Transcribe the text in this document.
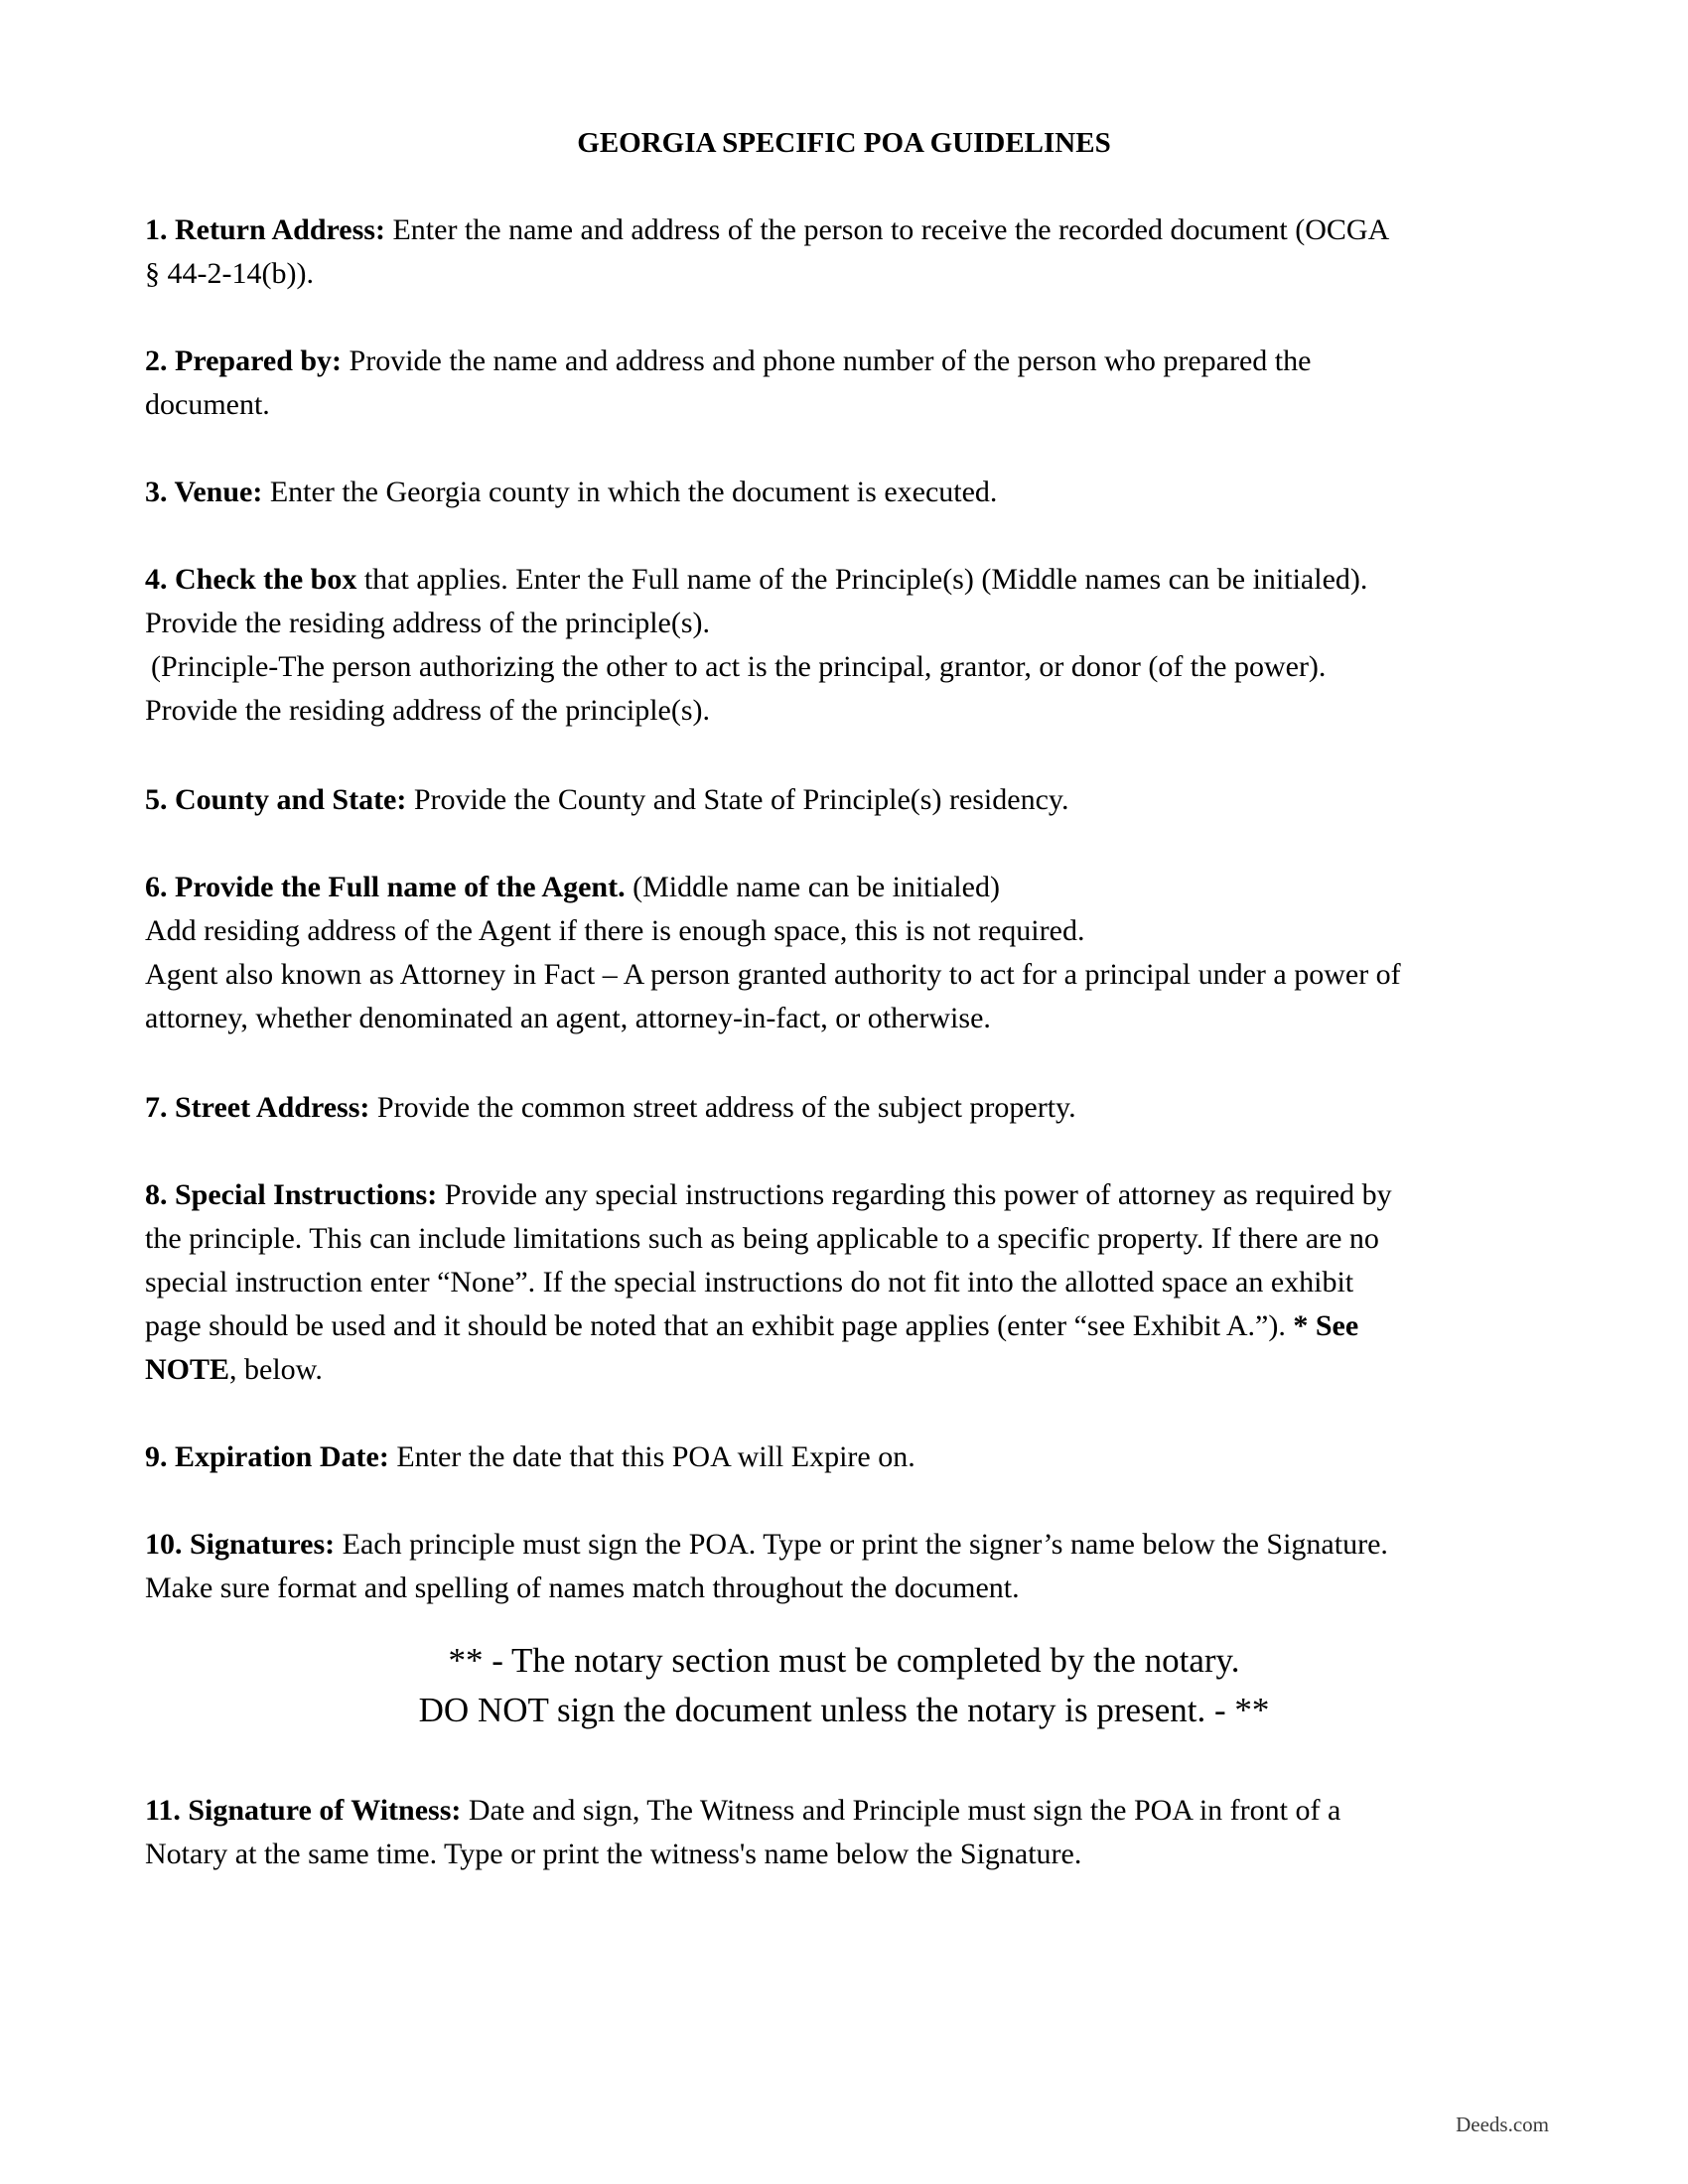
GEORGIA SPECIFIC POA GUIDELINES
1. Return Address: Enter the name and address of the person to receive the recorded document (OCGA
§ 44-2-14(b)).
2. Prepared by: Provide the name and address and phone number of the person who prepared the
document.
3. Venue: Enter the Georgia county in which the document is executed.
4. Check the box that applies. Enter the Full name of the Principle(s) (Middle names can be initialed).
Provide the residing address of the principle(s).
(Principle-The person authorizing the other to act is the principal, grantor, or donor (of the power).
Provide the residing address of the principle(s).
5. County and State: Provide the County and State of Principle(s) residency.
6. Provide the Full name of the Agent. (Middle name can be initialed)
Add residing address of the Agent if there is enough space, this is not required.
Agent also known as Attorney in Fact – A person granted authority to act for a principal under a power of
attorney, whether denominated an agent, attorney-in-fact, or otherwise.
7. Street Address: Provide the common street address of the subject property.
8. Special Instructions: Provide any special instructions regarding this power of attorney as required by
the principle. This can include limitations such as being applicable to a specific property. If there are no
special instruction enter “None”. If the special instructions do not fit into the allotted space an exhibit
page should be used and it should be noted that an exhibit page applies (enter “see Exhibit A.”). * See
NOTE, below.
9. Expiration Date: Enter the date that this POA will Expire on.
10. Signatures: Each principle must sign the POA. Type or print the signer’s name below the Signature.
Make sure format and spelling of names match throughout the document.
** - The notary section must be completed by the notary.
DO NOT sign the document unless the notary is present. - **
11. Signature of Witness: Date and sign, The Witness and Principle must sign the POA in front of a
Notary at the same time. Type or print the witness's name below the Signature.
Deeds.com
